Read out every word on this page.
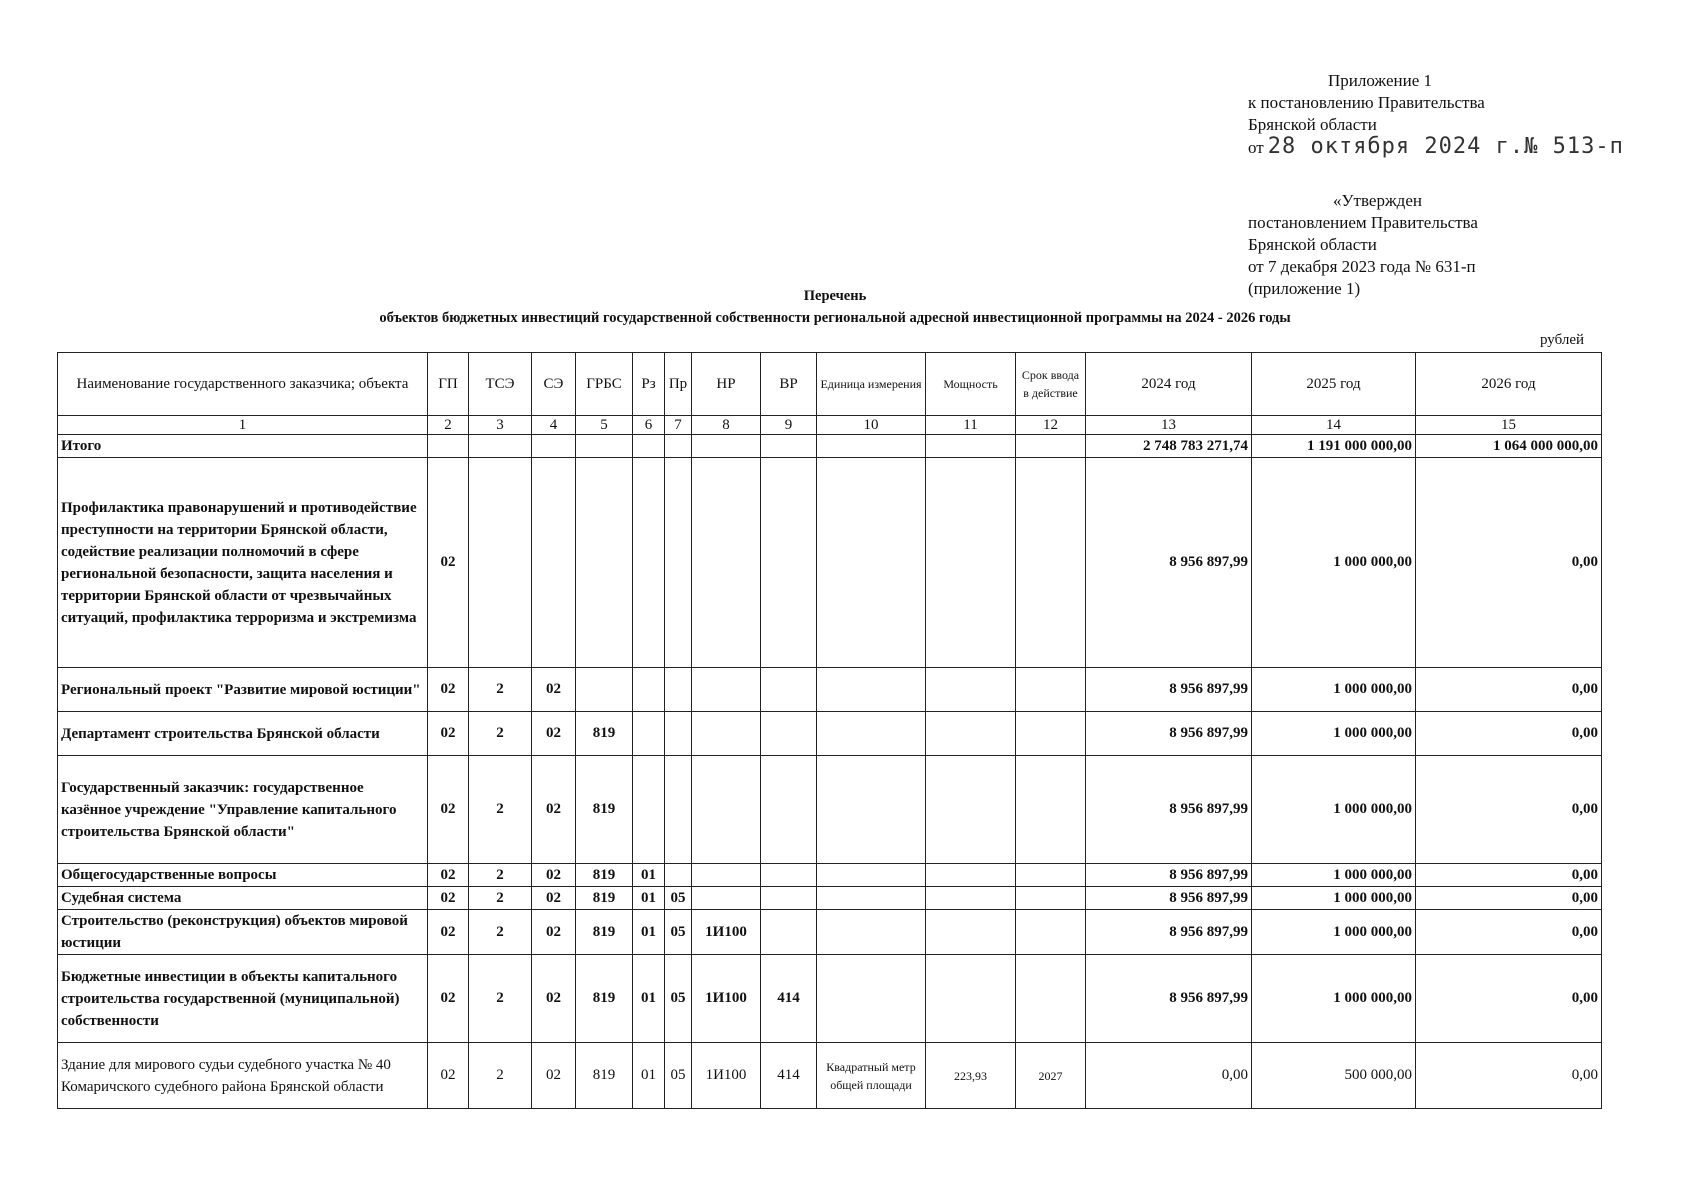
Приложение 1
к постановлению Правительства
Брянской области
от 28 октября 2024 г.№ 513-п
«Утвержден
постановлением Правительства
Брянской области
от 7 декабря 2023 года № 631-п
(приложение 1)
Перечень
объектов бюджетных инвестиций государственной собственности региональной адресной инвестиционной программы на 2024 - 2026 годы
рублей
Наименование государственного заказчика; объекта	ГП	ТСЭ	СЭ	ГРБС	Рз	Пр	НР	ВР	Единица измерения	Мощность	Срок ввода в действие	2024 год	2025 год	2026 год
1	2	3	4	5	6	7	8	9	10	11	12	13	14	15
Итого												2 748 783 271,74	1 191 000 000,00	1 064 000 000,00
Профилактика правонарушений и противодействие преступности на территории Брянской области, содействие реализации полномочий в сфере региональной безопасности, защита населения и территории Брянской области от чрезвычайных ситуаций, профилактика терроризма и экстремизма	02											8 956 897,99	1 000 000,00	0,00
Региональный проект "Развитие мировой юстиции"	02	2	02									8 956 897,99	1 000 000,00	0,00
Департамент строительства Брянской области	02	2	02	819								8 956 897,99	1 000 000,00	0,00
Государственный заказчик: государственное казённое учреждение "Управление капитального строительства Брянской области"	02	2	02	819								8 956 897,99	1 000 000,00	0,00
Общегосударственные вопросы	02	2	02	819	01							8 956 897,99	1 000 000,00	0,00
Судебная система	02	2	02	819	01	05						8 956 897,99	1 000 000,00	0,00
Строительство (реконструкция) объектов мировой юстиции	02	2	02	819	01	05	1И100					8 956 897,99	1 000 000,00	0,00
Бюджетные инвестиции в объекты капитального строительства государственной (муниципальной) собственности	02	2	02	819	01	05	1И100	414				8 956 897,99	1 000 000,00	0,00
Здание для мирового судьи судебного участка № 40 Комаричского судебного района Брянской области	02	2	02	819	01	05	1И100	414	Квадратный метр общей площади	223,93	2027	0,00	500 000,00	0,00
